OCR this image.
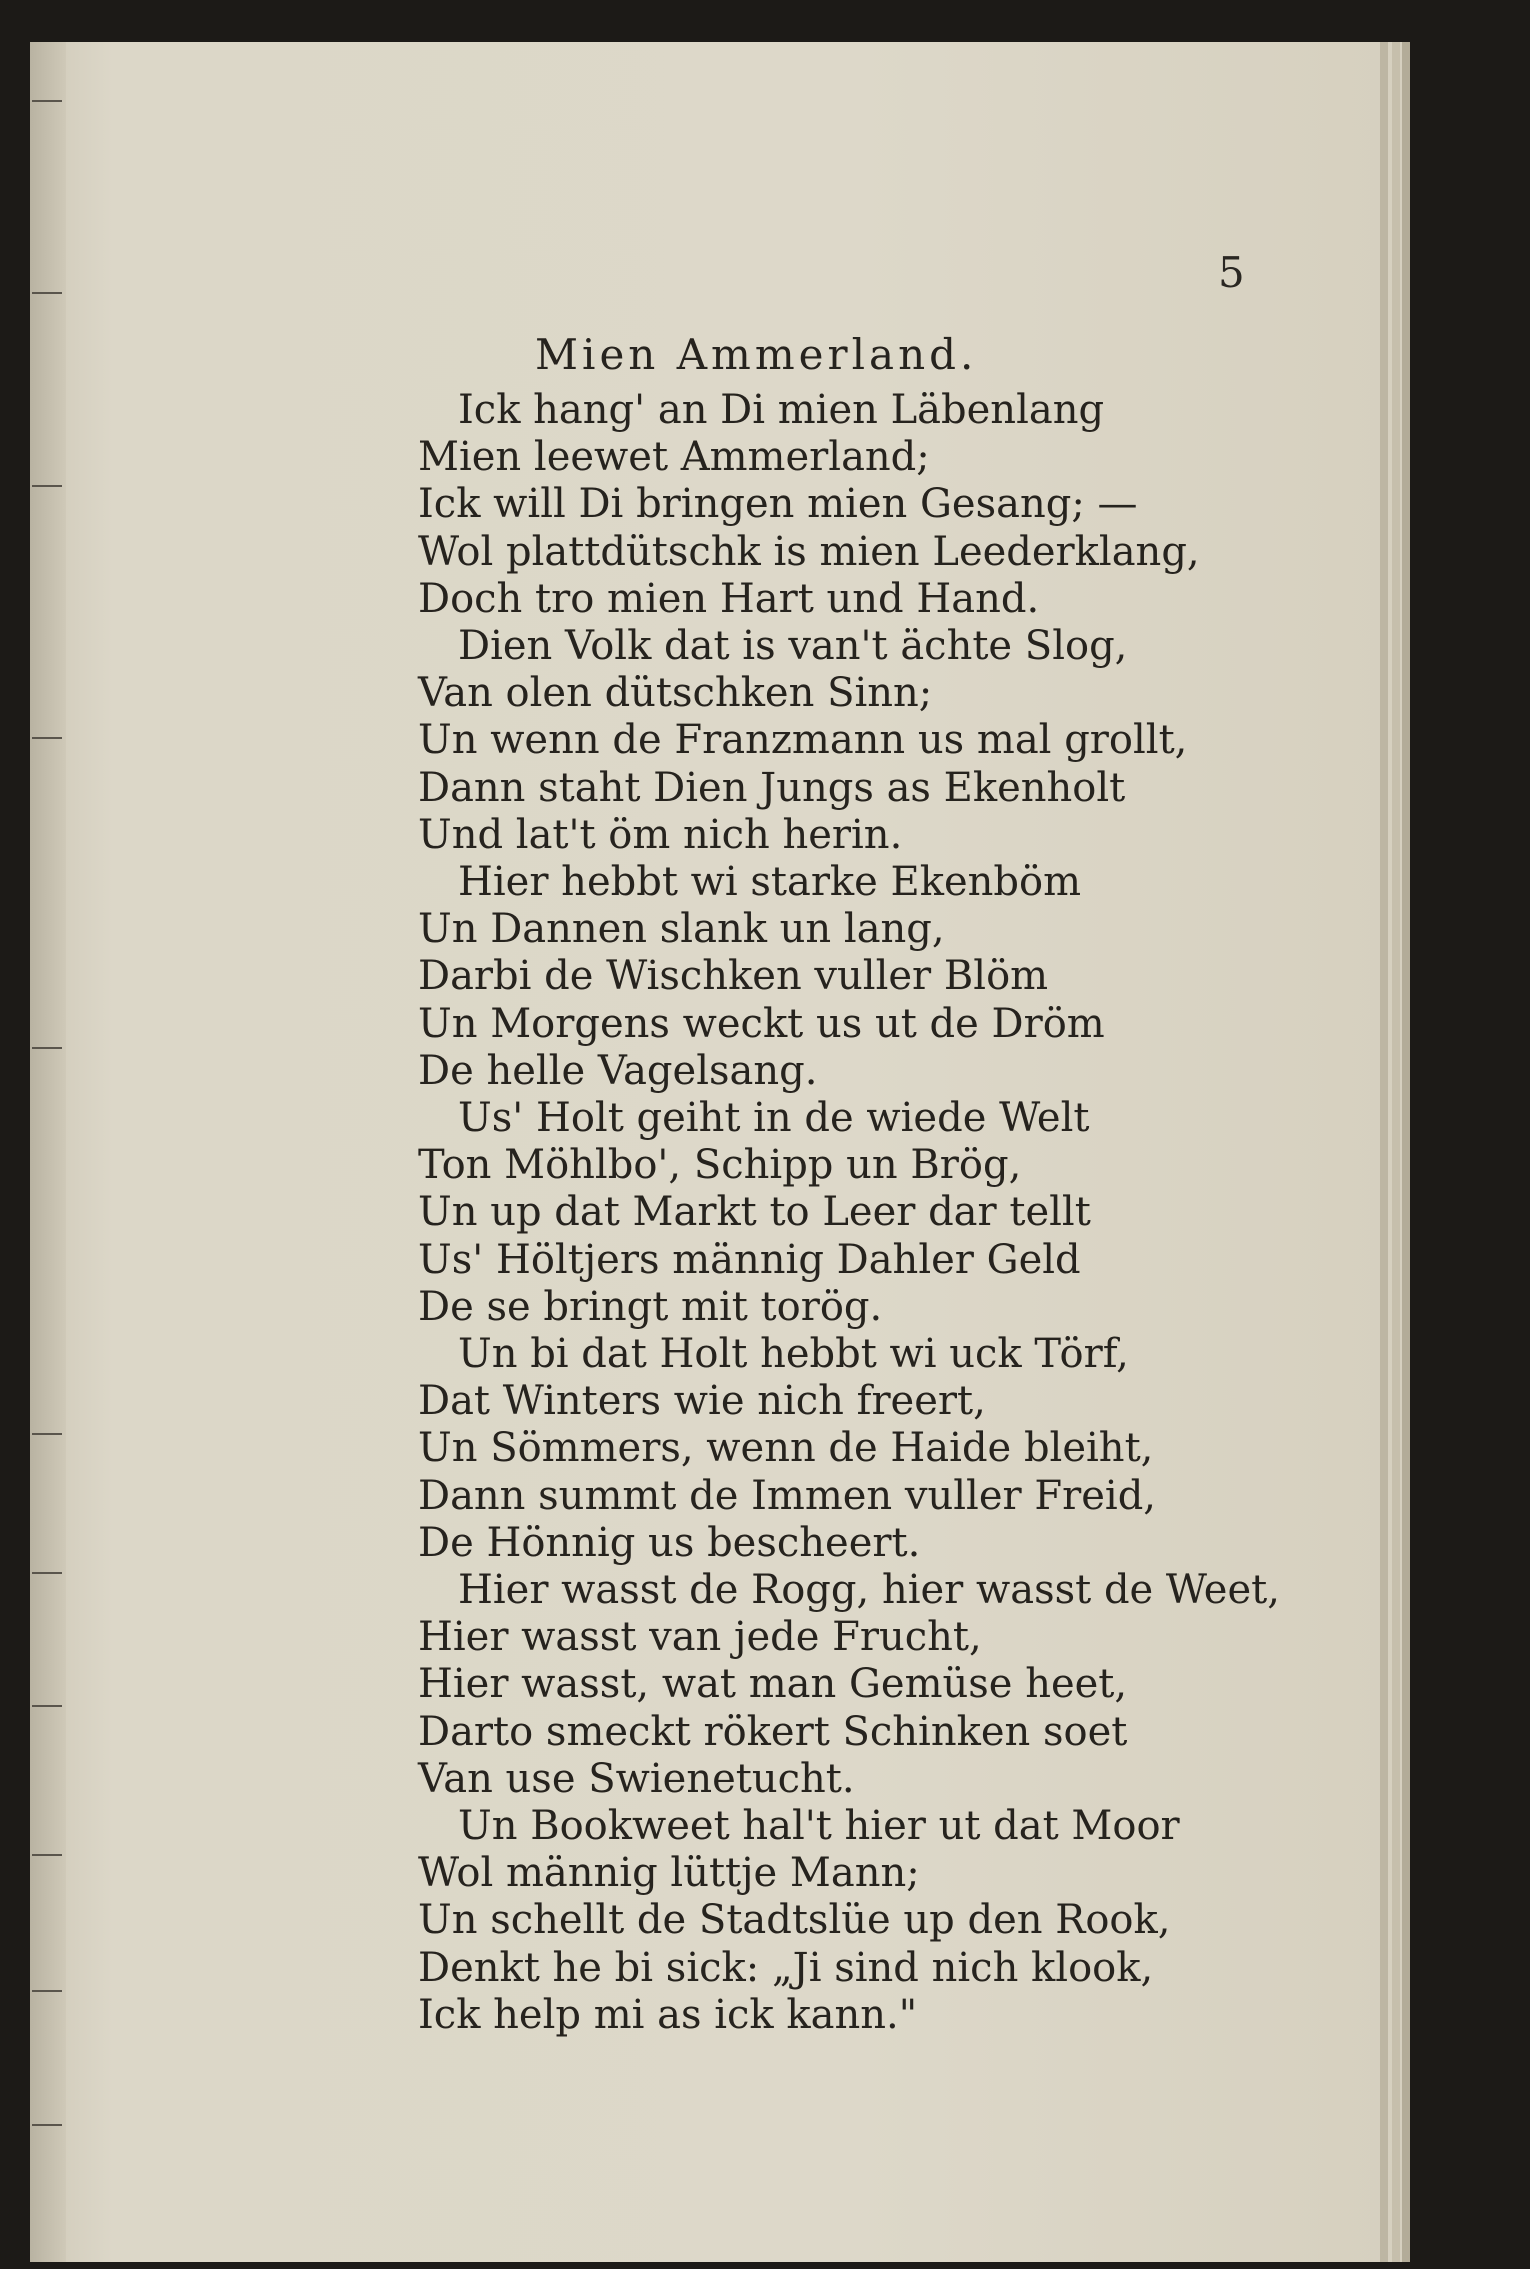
5
Mien Ammerland.
Ick hang' an Di mien Läbenlang
Mien leewet Ammerland;
Ick will Di bringen mien Gesang; —
Wol plattdütschk is mien Leederklang,
Doch tro mien Hart und Hand.
Dien Volk dat is van't ächte Slog,
Van olen dütschken Sinn;
Un wenn de Franzmann us mal grollt,
Dann staht Dien Jungs as Ekenholt
Und lat't öm nich herin.
Hier hebbt wi starke Ekenböm
Un Dannen slank un lang,
Darbi de Wischken vuller Blöm
Un Morgens weckt us ut de Dröm
De helle Vagelsang.
Us' Holt geiht in de wiede Welt
Ton Möhlbo', Schipp un Brög,
Un up dat Markt to Leer dar tellt
Us' Höltjers männig Dahler Geld
De se bringt mit torög.
Un bi dat Holt hebbt wi uck Törf,
Dat Winters wie nich freert,
Un Sömmers, wenn de Haide bleiht,
Dann summt de Immen vuller Freid,
De Hönnig us bescheert.
Hier wasst de Rogg, hier wasst de Weet,
Hier wasst van jede Frucht,
Hier wasst, wat man Gemüse heet,
Darto smeckt rökert Schinken soet
Van use Swienetucht.
Un Bookweet hal't hier ut dat Moor
Wol männig lüttje Mann;
Un schellt de Stadtslüe up den Rook,
Denkt he bi sick: „Ji sind nich klook,
Ick help mi as ick kann."
